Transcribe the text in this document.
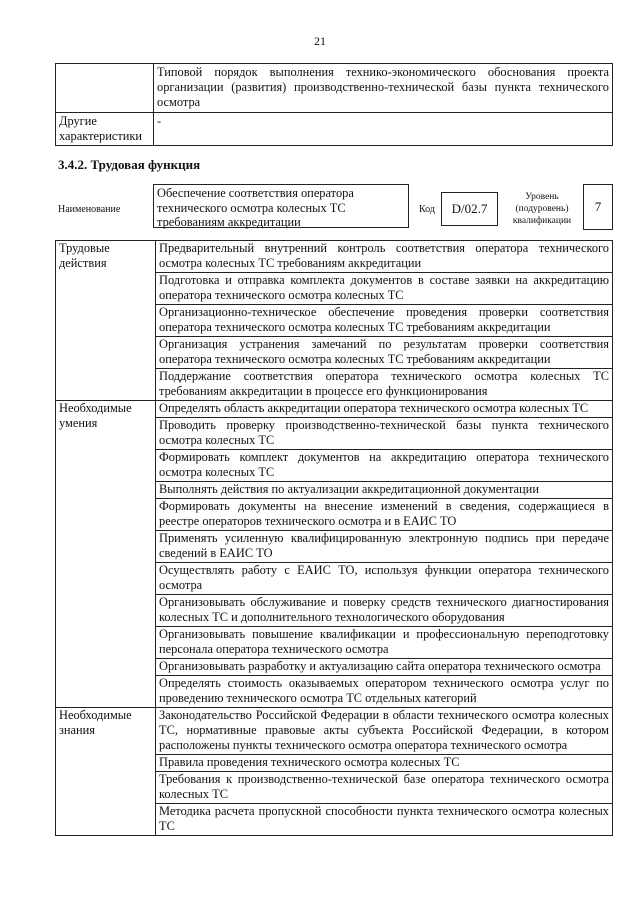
21
	Типовой порядок выполнения технико-экономического обоснования проекта организации (развития) производственно-технической базы пункта технического осмотра
Другие характеристики	-
3.4.2. Трудовая функция
Наименование
Обеспечение соответствия оператора технического осмотра колесных ТС требованиям аккредитации
Код	D/02.7
Уровень (подуровень) квалификации
7
Трудовые действия	Предварительный внутренний контроль соответствия оператора технического осмотра колесных ТС требованиям аккредитации
	Подготовка и отправка комплекта документов в составе заявки на аккредитацию оператора технического осмотра колесных ТС
	Организационно-техническое обеспечение проведения проверки соответствия оператора технического осмотра колесных ТС требованиям аккредитации
	Организация устранения замечаний по результатам проверки соответствия оператора технического осмотра колесных ТС требованиям аккредитации
	Поддержание соответствия оператора технического осмотра колесных ТС требованиям аккредитации в процессе его функционирования
Необходимые умения	Определять область аккредитации оператора технического осмотра колесных ТС
	Проводить проверку производственно-технической базы пункта технического осмотра колесных ТС
	Формировать комплект документов на аккредитацию оператора технического осмотра колесных ТС
	Выполнять действия по актуализации аккредитационной документации
	Формировать документы на внесение изменений в сведения, содержащиеся в реестре операторов технического осмотра и в ЕАИС ТО
	Применять усиленную квалифицированную электронную подпись при передаче сведений в ЕАИС ТО
	Осуществлять работу с ЕАИС ТО, используя функции оператора технического осмотра
	Организовывать обслуживание и поверку средств технического диагностирования колесных ТС и дополнительного технологического оборудования
	Организовывать повышение квалификации и профессиональную переподготовку персонала оператора технического осмотра
	Организовывать разработку и актуализацию сайта оператора технического осмотра
	Определять стоимость оказываемых оператором технического осмотра услуг по проведению технического осмотра ТС отдельных категорий
Необходимые знания	Законодательство Российской Федерации в области технического осмотра колесных ТС, нормативные правовые акты субъекта Российской Федерации, в котором расположены пункты технического осмотра оператора технического осмотра
	Правила проведения технического осмотра колесных ТС
	Требования к производственно-технической базе оператора технического осмотра колесных ТС
	Методика расчета пропускной способности пункта технического осмотра колесных ТС
